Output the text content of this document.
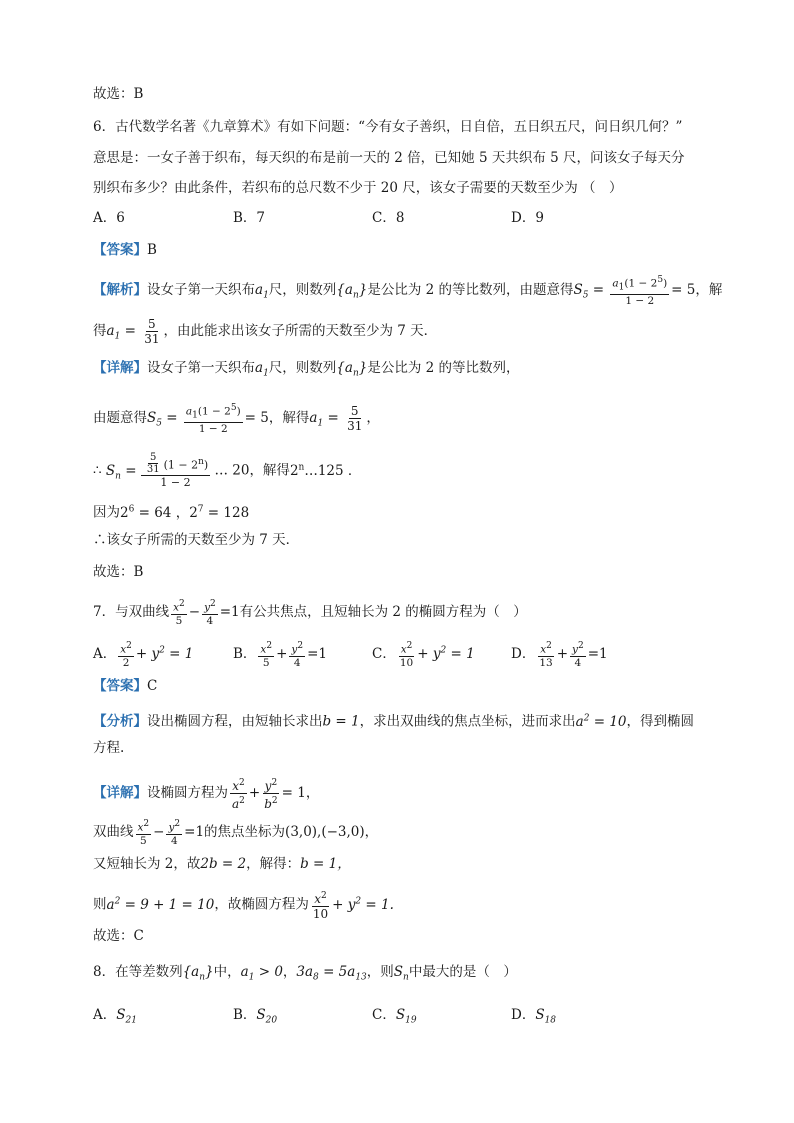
故选：B
6．古代数学名著《九章算术》有如下问题：“今有女子善织，日自倍，五日织五尺，问日织几何？”
意思是：一女子善于织布，每天织的布是前一天的 2 倍，已知她 5 天共织布 5 尺，问该女子每天分
别织布多少？由此条件，若织布的总尺数不少于 20 尺，该女子需要的天数至少为 （　）
A．6	B．7	C．8	D．9
【答案】B
【解析】设女子第一天织布$a_1$尺，则数列$\{a_n\}$是公比为 2 的等比数列，由题意得$S_5 = \frac{a_1(1 - 2^5)}{1 - 2} = 5$，解
得$a_1 = \frac{5}{31}$ ，由此能求出该女子所需的天数至少为 7 天．
【详解】设女子第一天织布$a_1$尺，则数列$\{a_n\}$是公比为 2 的等比数列，
由题意得$S_5 = \frac{a_1(1 - 2^5)}{1 - 2} = 5$，解得$a_1 = \frac{5}{31}$ ，
∴ $S_n = \frac{\frac{5}{31} (1 - 2^n)}{1 - 2}$ … 20，解得2$^n$…125 ．
因为$2^6 = 64$ ，$2^7 = 128$
∴该女子所需的天数至少为 7 天．
故选：B
7．与双曲线 $\frac{x^2}{5} - \frac{y^2}{4} =1$有公共焦点，且短轴长为 2 的椭圆方程为（　）
A． $\frac{x^2}{2} + y^2 = 1$	B． $\frac{x^2}{5} + \frac{y^2}{4} =1$	C． $\frac{x^2}{10} + y^2 = 1$	D． $\frac{x^2}{13} + \frac{y^2}{4} =1$
【答案】C
【分析】设出椭圆方程，由短轴长求出b = 1，求出双曲线的焦点坐标，进而求出$a^2 = 10$，得到椭圆
方程.
【详解】设椭圆方程为 $\frac{x^2}{a^2} + \frac{y^2}{b^2} = 1$，
双曲线 $\frac{x^2}{5} - \frac{y^2}{4} =1$的焦点坐标为(3,0),(−3,0)，
又短轴长为 2，故2b = 2，解得：b = 1，
则$a^2 = 9 + 1 = 10$，故椭圆方程为 $\frac{x^2}{10} + y^2 = 1$.
故选：C
8．在等差数列$\{a_n\}$中，$a_1 > 0$，$3a_8 = 5a_{13}$，则$S_n$中最大的是（　）
A．$S_{21}$	B．$S_{20}$	C．$S_{19}$	D．$S_{18}$
